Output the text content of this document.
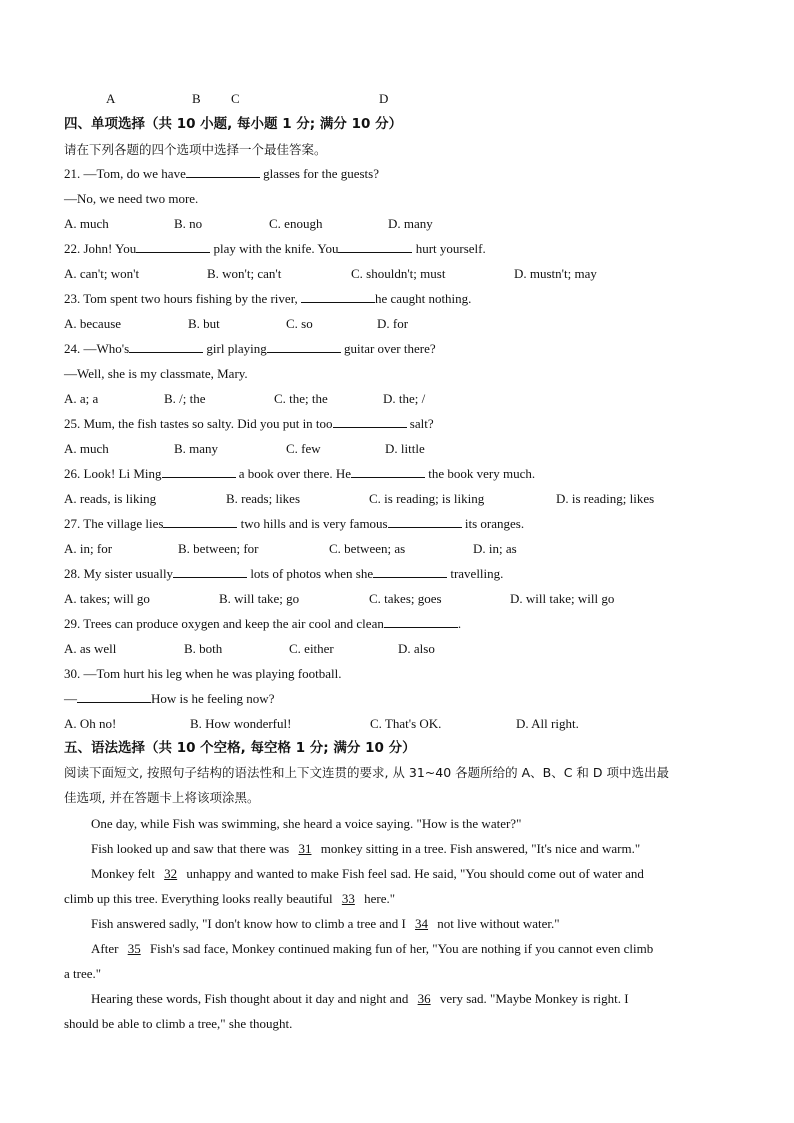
A	B C	D
四、单项选择（共 10 小题, 每小题 1 分; 满分 10 分）
请在下列各题的四个选项中选择一个最佳答案。
21. —Tom, do we have	glasses for the guests?
—No, we need two more.
A. much	B. no	C. enough	D. many
22. John! You	play with the knife. You	hurt yourself.
A. can't; won't	B. won't; can't	C. shouldn't; must	D. mustn't; may
23. Tom spent two hours fishing by the river,	he caught nothing.
A. because	B. but	C. so	D. for
24. —Who's	girl playing	guitar over there?
—Well, she is my classmate, Mary.
A. a; a	B. /; the	C. the; the	D. the; /
25. Mum, the fish tastes so salty. Did you put in too	salt?
A. much	B. many	C. few	D. little
26. Look! Li Ming	a book over there. He	the book very much.
A. reads, is liking	B. reads; likes	C. is reading; is liking	D. is reading; likes
27. The village lies	two hills and is very famous	its oranges.
A. in; for	B. between; for	C. between; as	D. in; as
28. My sister usually	lots of photos when she	travelling.
A. takes; will go	B. will take; go	C. takes; goes	D. will take; will go
29. Trees can produce oxygen and keep the air cool and clean	.
A. as well	B. both	C. either	D. also
30. —Tom hurt his leg when he was playing football.
—	How is he feeling now?
A. Oh no!	B. How wonderful!	C. That's OK.	D. All right.
五、语法选择（共 10 个空格, 每空格 1 分; 满分 10 分）
阅读下面短文, 按照句子结构的语法性和上下文连贯的要求, 从 31~40 各题所给的 A、B、C 和 D 项中选出最
佳选项, 并在答题卡上将该项涂黑。
One day, while Fish was swimming, she heard a voice saying. "How is the water?"
Fish looked up and saw that there was 31 monkey sitting in a tree. Fish answered, "It's nice and warm."
Monkey felt 32 unhappy and wanted to make Fish feel sad. He said, "You should come out of water and
climb up this tree. Everything looks really beautiful 33 here."
Fish answered sadly, "I don't know how to climb a tree and I 34 not live without water."
After 35 Fish's sad face, Monkey continued making fun of her, "You are nothing if you cannot even climb
a tree."
Hearing these words, Fish thought about it day and night and 36 very sad. "Maybe Monkey is right. I
should be able to climb a tree," she thought.
